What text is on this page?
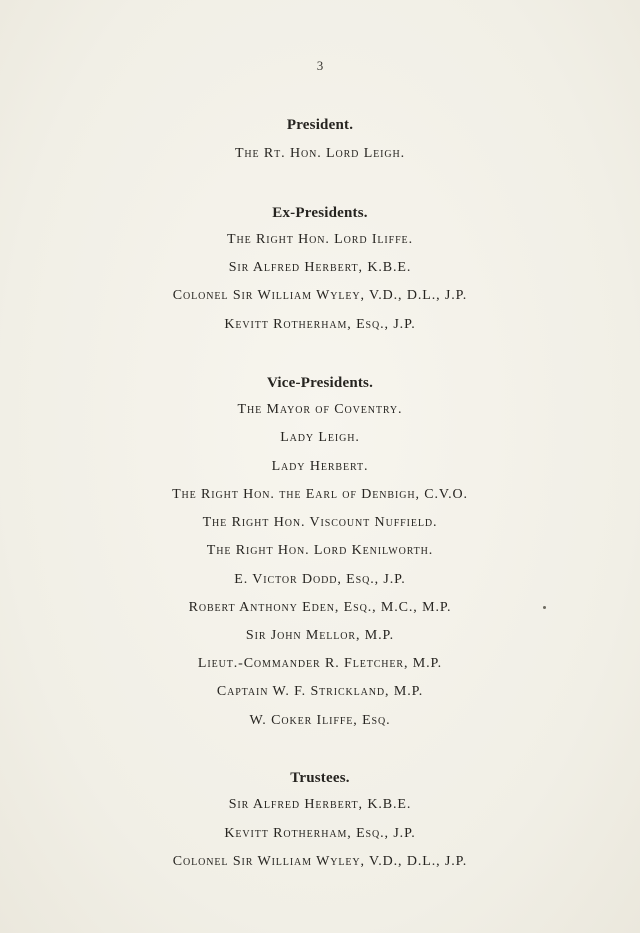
3
President.
The Rt. Hon. Lord Leigh.
Ex-Presidents.
The Right Hon. Lord Iliffe.
Sir Alfred Herbert, K.B.E.
Colonel Sir William Wyley, V.D., D.L., J.P.
Kevitt Rotherham, Esq., J.P.
Vice-Presidents.
The Mayor of Coventry.
Lady Leigh.
Lady Herbert.
The Right Hon. the Earl of Denbigh, C.V.O.
The Right Hon. Viscount Nuffield.
The Right Hon. Lord Kenilworth.
E. Victor Dodd, Esq., J.P.
Robert Anthony Eden, Esq., M.C., M.P.
Sir John Mellor, M.P.
Lieut.-Commander R. Fletcher, M.P.
Captain W. F. Strickland, M.P.
W. Coker Iliffe, Esq.
Trustees.
Sir Alfred Herbert, K.B.E.
Kevitt Rotherham, Esq., J.P.
Colonel Sir William Wyley, V.D., D.L., J.P.
